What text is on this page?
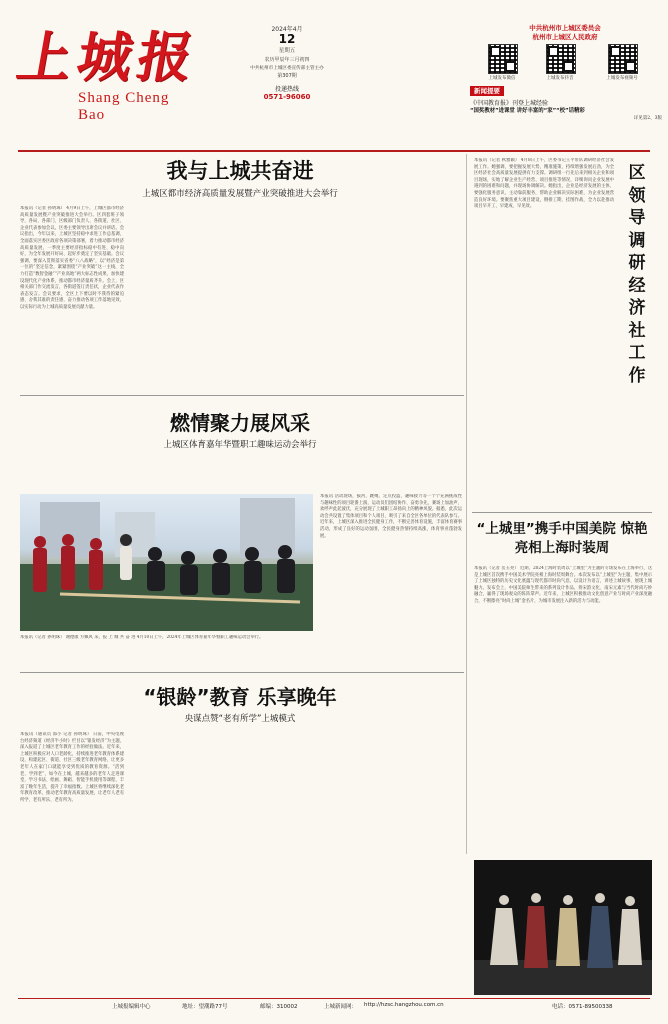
上城报
Shang Cheng Bao
2024年4月
12
星期五
农历甲辰年三月初四
中共杭州市上城区委宣传部主管主办
第307期
投递热线
0571-96060
中共杭州市上城区委员会
杭州市上城区人民政府
上城发布微信	上城发布抖音	上城发布视频号
新闻提要
《中国教育报》刊登上城经验
“国奖教材”进课堂 讲好丰富的“家”“校”话精彩
详见第2、3版
我与上城共奋进
上城区都市经济高质量发展暨产业突破推进大会举行
本报讯（记者 孙明珠） 4月9日上午，上城区都市经济高质量发展暨产业突破推进大会举行。区四套班子领导，各局、各部门、区级部门负责人，各街道、社区、企业代表参加会议。区委主要领导出席会议并讲话。会议指出，今年以来，上城区坚持稳中求进工作总基调，全面落实区委区政府各项决策部署，着力推动都市经济高质量发展，一季度主要经济指标稳中有进、稳中向好，为全年发展开好局、起好步奠定了坚实基础。会议强调，要深入贯彻落实省委“八八战略”，以“经济是第一位的”坚定信念，紧紧围绕“产业突破”这一主线，全力打造“数智金融”“产业高地”两大标志性成果，加快建设现代化产业体系，推动都市经济量质齐升。会上，区相关部门作交流发言，各街道签订责任状，企业代表作表态发言。会议要求，全区上下要以时不我待的紧迫感、舍我其谁的责任感，奋力推动各项工作落地见效，以实际行动为上城高质量发展贡献力量。
本报讯（记者 秋雅颖） 4月8日上午，区委书记王平带队调研经济社会发展工作。她强调，要把握发展大势，精准施策，持续增强发展后劲，为全区经济社会高质量发展提供有力支撑。调研组一行先后来到相关企业和项目现场，实地了解企业生产经营、项目推进等情况，详细询问企业发展中遇到的困难和问题，并现场协调解决。她指出，企业是经济发展的主体，要强化服务意识，主动靠前服务，帮助企业解决实际困难，为企业发展营造良好环境。要聚焦重大项目建设，倒排工期、挂图作战，全力以赴推动项目早开工、早建成、早见效。
区
领
导
调
研
经
济
社
工
作
燃情聚力展风采
上城区体育嘉年华暨职工趣味运动会举行
本报讯（记者 孙明珠） 谢德康 方佩风 采，报 上 城 共 奋 进 4月10日上午，2024年上城区体育嘉年华暨职工趣味运动会举行。
本报讯 活动现场，拔河、跳绳、定点投篮、趣味接力等一个个充满挑战性与趣味性的项目轮番上演，运动员们团结协作、奋勇争先，赛场上加油声、欢呼声此起彼伏，充分展现了上城职工昂扬向上的精神风貌。据悉，此次运动会共设置了集体项目和个人项目，吸引了来自全区各单位的代表队参与。近年来，上城区深入推进全民健身工作，不断完善体育设施，丰富体育赛事活动，形成了良好的运动氛围，全民健身热情持续高涨，体育事业蓬勃发展。
“银龄”教育 乐享晚年
央谋点赞“老有所学”上城模式
本报讯（通讯员 邵小 记者 孙明珠） 日前，中央电视台经济频道《经济半小时》栏目以“银发经济”为主题，深入报道了上城区老年教育工作的经验做法。近年来，上城区积极应对人口老龄化，持续推进老年教育体系建设，构建起区、街道、社区三级老年教育网络，让更多老年人在家门口就能享受到优质的教育资源。“活到老、学到老”，如今在上城，越来越多的老年人走进课堂，学习书法、绘画、舞蹈、智能手机使用等课程，丰富了晚年生活，提升了幸福指数。上城区将继续深化老年教育改革，推动老年教育高质量发展，让老年人老有所学、老有所乐、老有所为。
“上城里”携手中国美院 惊艳亮相上海时装周
本报讯（记者 岳玉亮） 近期，2024上海时装周以“上城里”为主题的专场发布在上海举行，这是上城区首次携手中国美术学院亮相上海时装周舞台。本次发布以“上城里”为主题，集中展示了上城区独特的历史文化底蕴与现代都市时尚气息，以设计为语言，讲述上城故事，展现上城魅力。发布会上，中国美院师生带来的系列设计作品，将宋韵文化、南宋元素与当代时尚巧妙融合，赢得了现场观众的阵阵掌声。近年来，上城区积极推动文化创意产业与时尚产业深度融合，不断擦亮“时尚上城”金名片，为城市发展注入新的活力与动能。
上城报编辑中心	地址：望潮路77号	邮编：310002	上城新闻网： http://hzsc.hangzhou.com.cn	电话：0571-89500338
